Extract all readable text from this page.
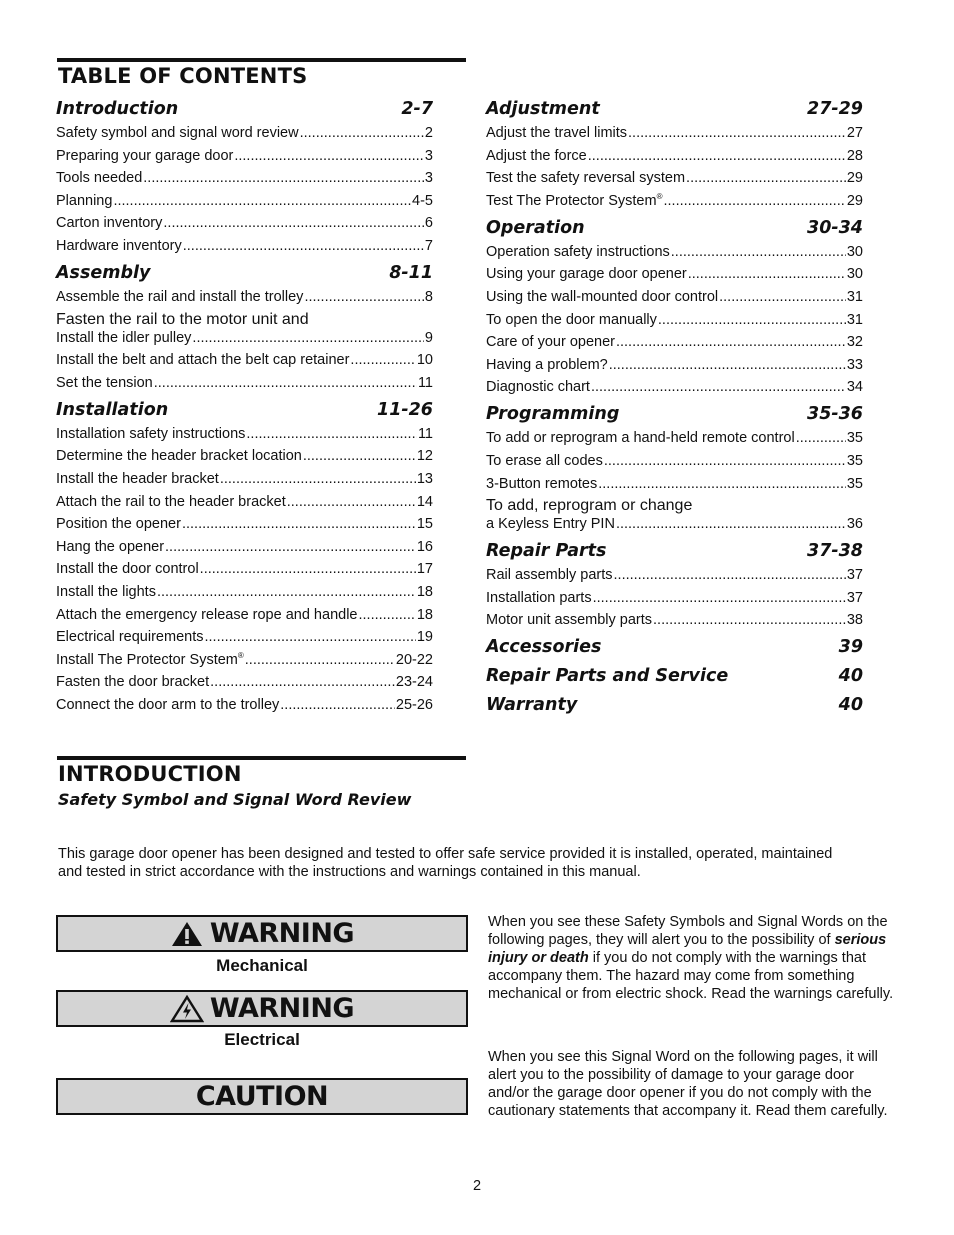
TABLE OF CONTENTS
Introduction	2-7
Safety symbol and signal word review .....	2
Preparing your garage door .....	3
Tools needed .....	3
Planning .....	4-5
Carton inventory .....	6
Hardware inventory .....	7
Assembly	8-11
Assemble the rail and install the trolley .....	8
Fasten the rail to the motor unit and
Install the idler pulley .....	9
Install the belt and attach the belt cap retainer .....	10
Set the tension .....	11
Installation	11-26
Installation safety instructions .....	11
Determine the header bracket location .....	12
Install the header bracket .....	13
Attach the rail to the header bracket .....	14
Position the opener .....	15
Hang the opener .....	16
Install the door control .....	17
Install the lights .....	18
Attach the emergency release rope and handle .....	18
Electrical requirements .....	19
Install The Protector System® .....	20-22
Fasten the door bracket .....	23-24
Connect the door arm to the trolley .....	25-26
Adjustment	27-29
Adjust the travel limits .....	27
Adjust the force .....	28
Test the safety reversal system .....	29
Test The Protector System® .....	29
Operation	30-34
Operation safety instructions .....	30
Using your garage door opener .....	30
Using the wall-mounted door control .....	31
To open the door manually .....	31
Care of your opener .....	32
Having a problem? .....	33
Diagnostic chart .....	34
Programming	35-36
To add or reprogram a hand-held remote control .....	35
To erase all codes .....	35
3-Button remotes .....	35
To add, reprogram or change
a Keyless Entry PIN .....	36
Repair Parts	37-38
Rail assembly parts .....	37
Installation parts .....	37
Motor unit assembly parts .....	38
Accessories	39
Repair Parts and Service	40
Warranty	40
INTRODUCTION
Safety Symbol and Signal Word Review
This garage door opener has been designed and tested to offer safe service provided it is installed, operated, maintained and tested in strict accordance with the instructions and warnings contained in this manual.
WARNING
Mechanical
WARNING
Electrical
CAUTION
When you see these Safety Symbols and Signal Words on the following pages, they will alert you to the possibility of serious injury or death if you do not comply with the warnings that accompany them. The hazard may come from something mechanical or from electric shock. Read the warnings carefully.
When you see this Signal Word on the following pages, it will alert you to the possibility of damage to your garage door and/or the garage door opener if you do not comply with the cautionary statements that accompany it. Read them carefully.
2
